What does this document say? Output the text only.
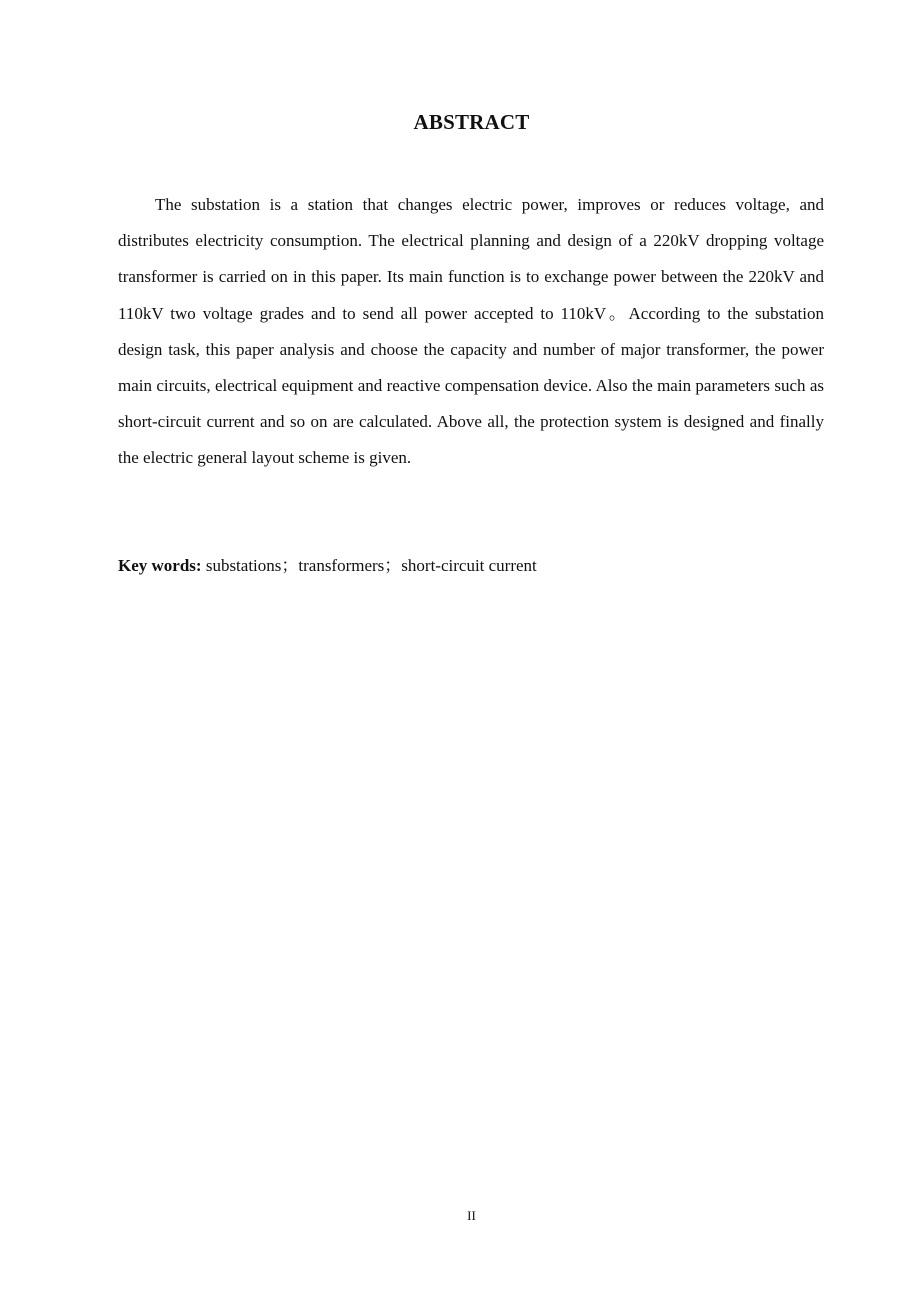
ABSTRACT

The substation is a station that changes electric power, improves or reduces voltage, and distributes electricity consumption. The electrical planning and design of a 220kV dropping voltage transformer is carried on in this paper. Its main function is to exchange power between the 220kV and 110kV two voltage grades and to send all power accepted to 110kV。According to the substation design task, this paper analysis and choose the capacity and number of major transformer, the power main circuits, electrical equipment and reactive compensation device. Also the main parameters such as short-circuit current and so on are calculated. Above all, the protection system is designed and finally the electric general layout scheme is given.

Key words: substations；transformers；short-circuit current

II
